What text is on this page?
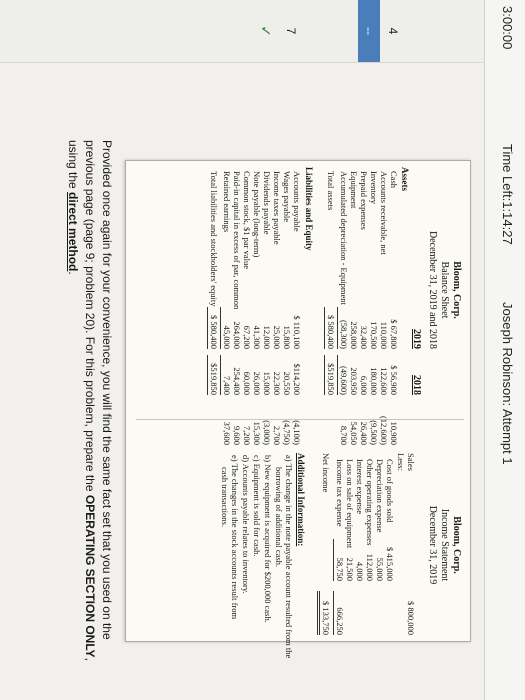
3:00:00
Time Left:1:14:27
Joseph Robinson: Attempt 1
4
--
7
✓
Bloom, Corp.
Balance Sheet
December 31, 2019 and 2018
2019
2018
Assets
Cash
$ 67,800
$ 56,900
10,900
Accounts receivable, net
110,000
122,600
(12,600)
Inventory
170,500
180,000
(9,500)
Prepaid expenses
32,400
6,000
26,400
Equipment
258,000
203,950
54,050
Accumulated depreciation - Equipment
(58,300)
(49,600)
8,700
Total assets
$ 580,400
$519,850
Liabilities and Equity
Accounts payable
$ 110,100
$114,200
(4,100)
Wages payable
15,800
20,550
(4,750)
Income taxes payable
25,000
22,300
2,700
Dividends payable
12,000
15,000
(3,000)
Note payable (long-term)
41,300
26,000
15,300
Common stock, $1 par value
67,200
60,000
7,200
Paid-in capital in excess of par, common
264,000
254,400
9,600
Retained earnings
45,000
7,400
37,600
Total liabilities and stockholders' equity
$ 580,400
$519,850
Bloom, Corp.
Income Statement
December 31, 2019
Sales
$ 800,000
Less:
Cost of goods sold
$ 415,000
Depreciation expense
55,000
Other operating expenses
112,000
Interest expense
4,000
Loss on sale of equipment
21,500
Income tax expense
58,750
666,250
Net income
$ 133,750
Additional Information:
a) The change in the note payable account resulted from the
borrowing of additional cash.
b) New equipment is acquired for $200,000 cash.
c) Equipment is sold for cash.
d) Accounts payable relates to inventory.
e) The changes in the stock accounts result from
cash transactions.
Provided once again for your convenience, you will find the same fact set that you used on the previous page (page 9; problem 20). For this problem, prepare the OPERATING SECTION ONLY, using the direct method.
